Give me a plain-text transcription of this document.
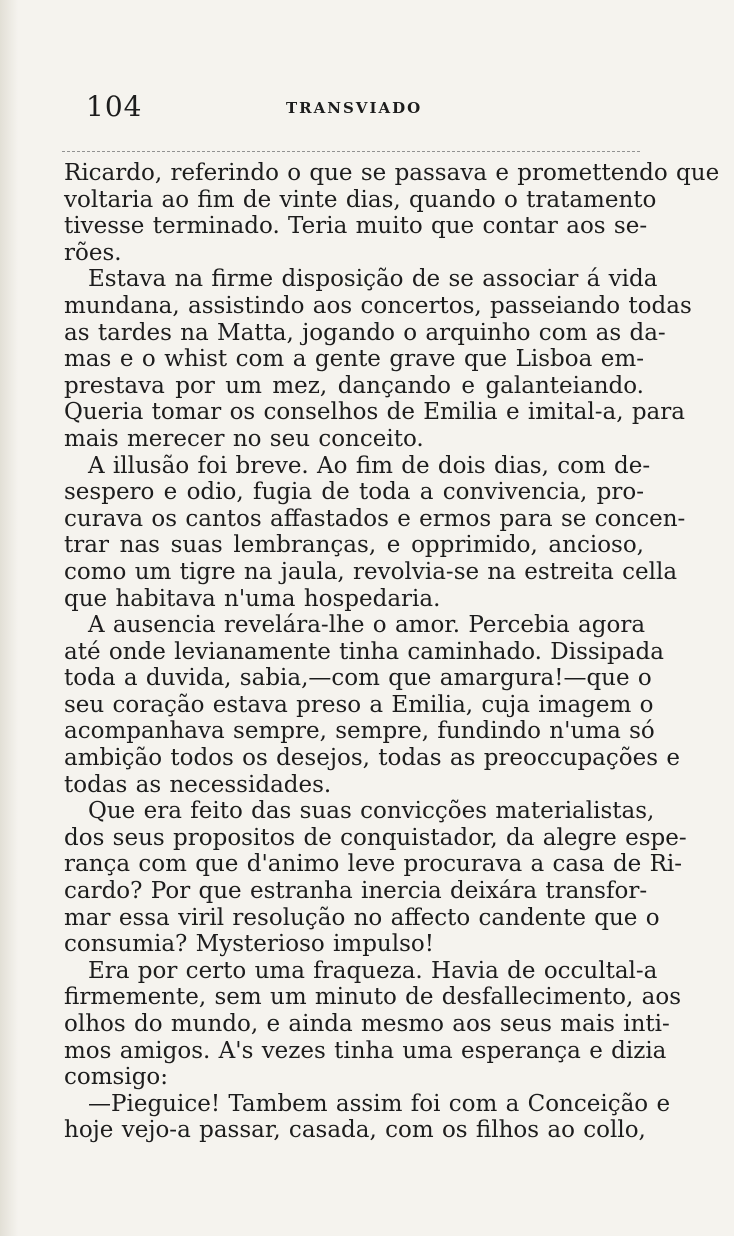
104	TRANSVIADO
Ricardo, referindo o que se passava e promettendo que
voltaria ao fim de vinte dias, quando o tratamento
tivesse terminado. Teria muito que contar aos se-
rões.
Estava na firme disposição de se associar á vida
mundana, assistindo aos concertos, passeiando todas
as tardes na Matta, jogando o arquinho com as da-
mas e o whist com a gente grave que Lisboa em-
prestava por um mez, dançando e galanteiando.
Queria tomar os conselhos de Emilia e imital-a, para
mais merecer no seu conceito.
A illusão foi breve. Ao fim de dois dias, com de-
sespero e odio, fugia de toda a convivencia, pro-
curava os cantos affastados e ermos para se concen-
trar nas suas lembranças, e opprimido, ancioso,
como um tigre na jaula, revolvia-se na estreita cella
que habitava n'uma hospedaria.
A ausencia revelára-lhe o amor. Percebia agora
até onde levianamente tinha caminhado. Dissipada
toda a duvida, sabia,—com que amargura!—que o
seu coração estava preso a Emilia, cuja imagem o
acompanhava sempre, sempre, fundindo n'uma só
ambição todos os desejos, todas as preoccupações e
todas as necessidades.
Que era feito das suas convicções materialistas,
dos seus propositos de conquistador, da alegre espe-
rança com que d'animo leve procurava a casa de Ri-
cardo? Por que estranha inercia deixára transfor-
mar essa viril resolução no affecto candente que o
consumia? Mysterioso impulso!
Era por certo uma fraqueza. Havia de occultal-a
firmemente, sem um minuto de desfallecimento, aos
olhos do mundo, e ainda mesmo aos seus mais inti-
mos amigos. A's vezes tinha uma esperança e dizia
comsigo:
—Pieguice! Tambem assim foi com a Conceição e
hoje vejo-a passar, casada, com os filhos ao collo,
